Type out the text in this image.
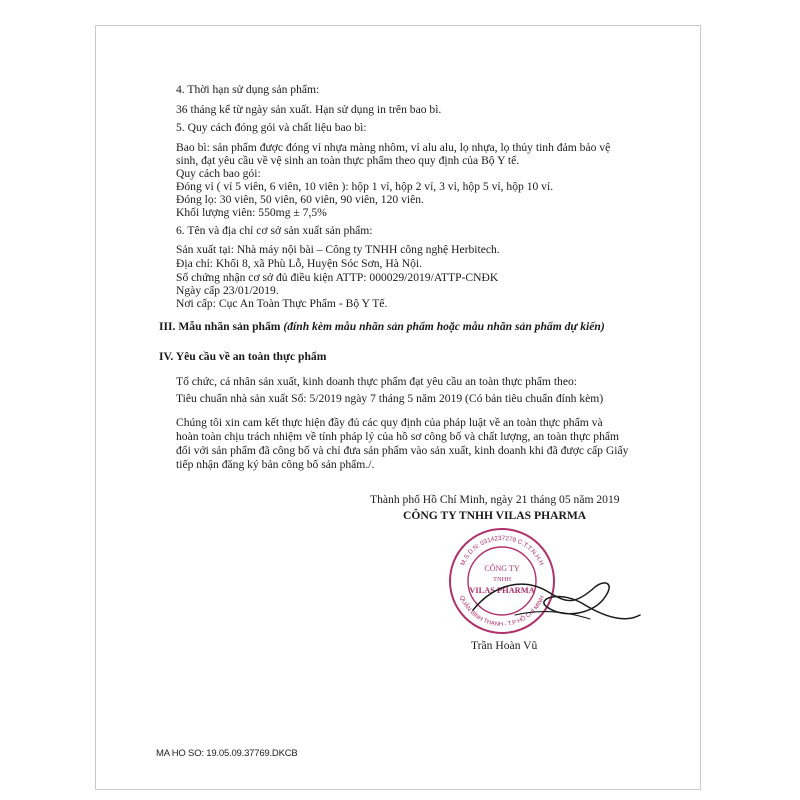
4. Thời hạn sử dụng sản phẩm:
36 tháng kể từ ngày sản xuất. Hạn sử dụng in trên bao bì.
5. Quy cách đóng gói và chất liệu bao bì:
Bao bì: sản phẩm được đóng vỉ nhựa màng nhôm, vỉ alu alu, lọ nhựa, lọ thủy tinh đảm bảo vệ
sinh, đạt yêu cầu về vệ sinh an toàn thực phẩm theo quy định của Bộ Y tế.
Quy cách bao gói:
Đóng vỉ ( vỉ 5 viên, 6 viên, 10 viên ): hộp 1 vỉ, hộp 2 vỉ, 3 vỉ, hộp 5 vỉ, hộp 10 vỉ.
Đóng lọ: 30 viên, 50 viên, 60 viên, 90 viên, 120 viên.
Khối lượng viên: 550mg ± 7,5%
6. Tên và địa chỉ cơ sở sản xuất sản phẩm:
Sản xuất tại: Nhà máy nội bài – Công ty TNHH công nghệ Herbitech.
Địa chỉ: Khối 8, xã Phù Lỗ, Huyện Sóc Sơn, Hà Nội.
Số chứng nhận cơ sở đủ điều kiện ATTP: 000029/2019/ATTP-CNĐK
Ngày cấp 23/01/2019.
Nơi cấp: Cục An Toàn Thực Phẩm - Bộ Y Tế.
III. Mẫu nhãn sản phẩm (đính kèm mẫu nhãn sản phẩm hoặc mẫu nhãn sản phẩm dự kiến)
IV. Yêu cầu về an toàn thực phẩm
Tổ chức, cá nhân sản xuất, kinh doanh thực phẩm đạt yêu cầu an toàn thực phẩm theo:
Tiêu chuẩn nhà sản xuất Số: 5/2019 ngày 7 tháng 5 năm 2019 (Có bản tiêu chuẩn đính kèm)
Chúng tôi xin cam kết thực hiện đầy đủ các quy định của pháp luật về an toàn thực phẩm và
hoàn toàn chịu trách nhiệm về tính pháp lý của hồ sơ công bố và chất lượng, an toàn thực phẩm
đối với sản phẩm đã công bố và chỉ đưa sản phẩm vào sản xuất, kinh doanh khi đã được cấp Giấy
tiếp nhận đăng ký bản công bố sản phẩm./.
Thành phố Hồ Chí Minh, ngày 21 tháng 05 năm 2019
CÔNG TY TNHH VILAS PHARMA
M.S.D.N: 0314237278 C.T.T.N.H.H
QUẬN BÌNH THẠNH - T.P HỒ CHÍ MINH
CÔNG TY
TNHH
VILAS PHARMA
Trần Hoàn Vũ
MA HO SO: 19.05.09.37769.DKCB
